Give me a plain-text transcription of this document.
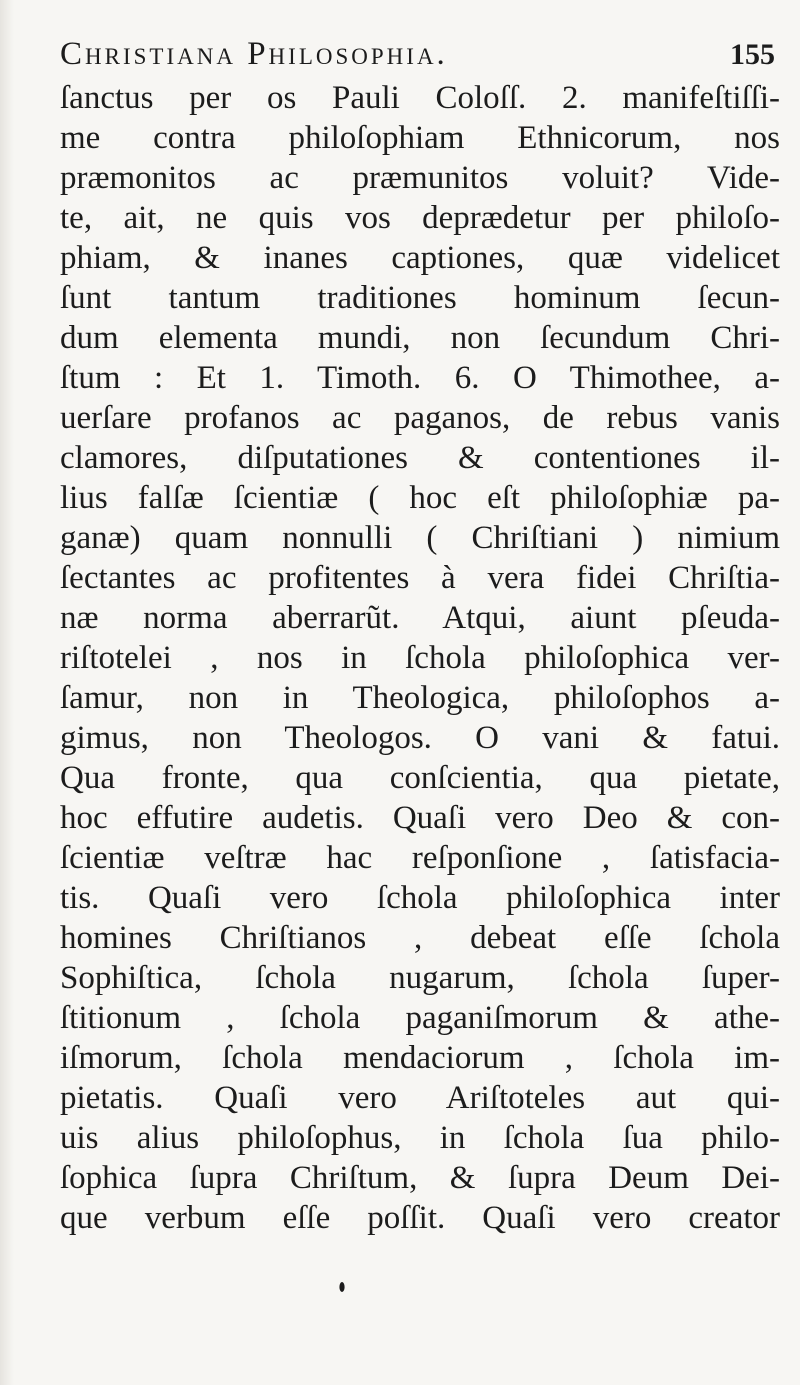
Christiana Philosophia.	155
ſanctus per os Pauli Coloſſ. 2. manifeſtiſſi-
me contra philoſophiam Ethnicorum, nos
præmonitos ac præmunitos voluit? Vide-
te, ait, ne quis vos deprædetur per philoſo-
phiam, & inanes captiones, quæ videlicet
ſunt tantum traditiones hominum ſecun-
dum elementa mundi, non ſecundum Chri-
ſtum : Et 1. Timoth. 6. O Thimothee, a-
uerſare profanos ac paganos, de rebus vanis
clamores, diſputationes & contentiones il-
lius falſæ ſcientiæ ( hoc eſt philoſophiæ pa-
ganæ) quam nonnulli ( Chriſtiani ) nimium
ſectantes ac profitentes à vera fidei Chriſtia-
næ norma aberrarũt. Atqui, aiunt pſeuda-
riſtotelei , nos in ſchola philoſophica ver-
ſamur, non in Theologica, philoſophos a-
gimus, non Theologos. O vani & fatui.
Qua fronte, qua conſcientia, qua pietate,
hoc effutire audetis. Quaſi vero Deo & con-
ſcientiæ veſtræ hac reſponſione , ſatisfacia-
tis. Quaſi vero ſchola philoſophica inter
homines Chriſtianos , debeat eſſe ſchola
Sophiſtica, ſchola nugarum, ſchola ſuper-
ſtitionum , ſchola paganiſmorum & athe-
iſmorum, ſchola mendaciorum , ſchola im-
pietatis. Quaſi vero Ariſtoteles aut qui-
uis alius philoſophus, in ſchola ſua philo-
ſophica ſupra Chriſtum, & ſupra Deum Dei-
que verbum eſſe poſſit. Quaſi vero creator
